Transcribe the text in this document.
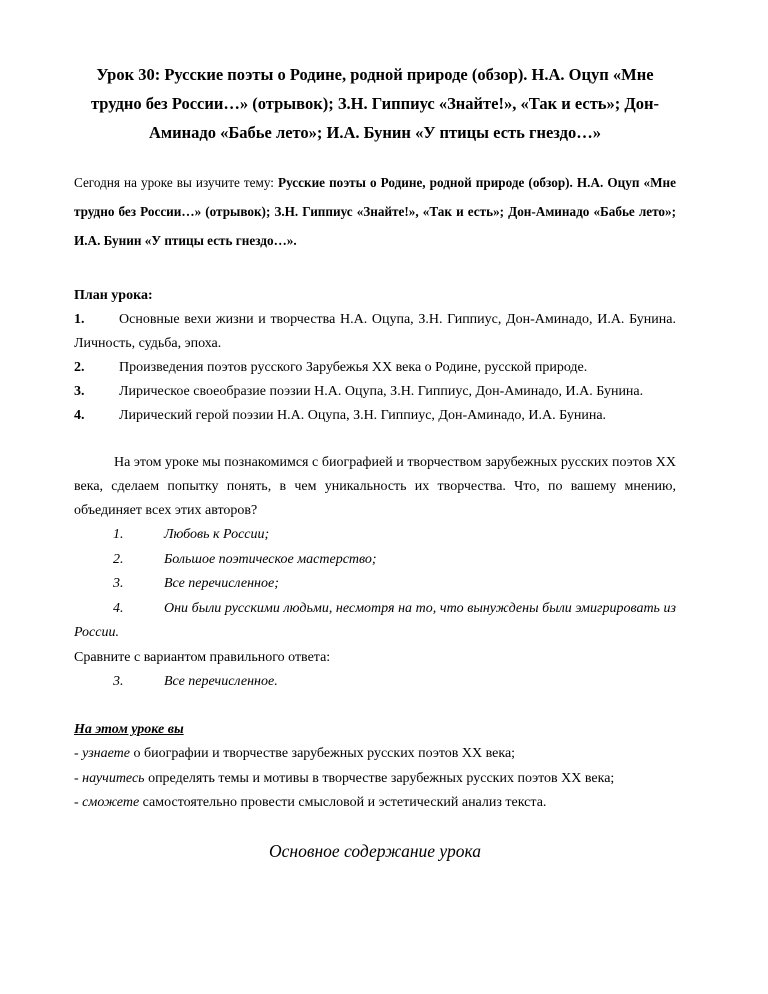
Урок 30: Русские поэты о Родине, родной природе (обзор). Н.А. Оцуп «Мне трудно без России…» (отрывок); З.Н. Гиппиус «Знайте!», «Так и есть»; Дон-Аминадо «Бабье лето»; И.А. Бунин «У птицы есть гнездо…»
Сегодня на уроке вы изучите тему: Русские поэты о Родине, родной природе (обзор). Н.А. Оцуп «Мне трудно без России…» (отрывок); З.Н. Гиппиус «Знайте!», «Так и есть»; Дон-Аминадо «Бабье лето»; И.А. Бунин «У птицы есть гнездо…».
План урока:
1. Основные вехи жизни и творчества Н.А. Оцупа, З.Н. Гиппиус, Дон-Аминадо, И.А. Бунина. Личность, судьба, эпоха.
2. Произведения поэтов русского Зарубежья XX века о Родине, русской природе.
3. Лирическое своеобразие поэзии Н.А. Оцупа, З.Н. Гиппиус, Дон-Аминадо, И.А. Бунина.
4. Лирический герой поэзии Н.А. Оцупа, З.Н. Гиппиус, Дон-Аминадо, И.А. Бунина.
На этом уроке мы познакомимся с биографией и творчеством зарубежных русских поэтов XX века, сделаем попытку понять, в чем уникальность их творчества. Что, по вашему мнению, объединяет всех этих авторов?
1.	Любовь к России;
2.	Большое поэтическое мастерство;
3.	Все перечисленное;
4.	Они были русскими людьми, несмотря на то, что вынуждены были эмигрировать из России.
Сравните с вариантом правильного ответа:
3.	Все перечисленное.
На этом уроке вы
- узнаете о биографии и творчестве зарубежных русских поэтов XX века;
- научитесь определять темы и мотивы в творчестве зарубежных русских поэтов XX века;
- сможете самостоятельно провести смысловой и эстетический анализ текста.
Основное содержание урока
